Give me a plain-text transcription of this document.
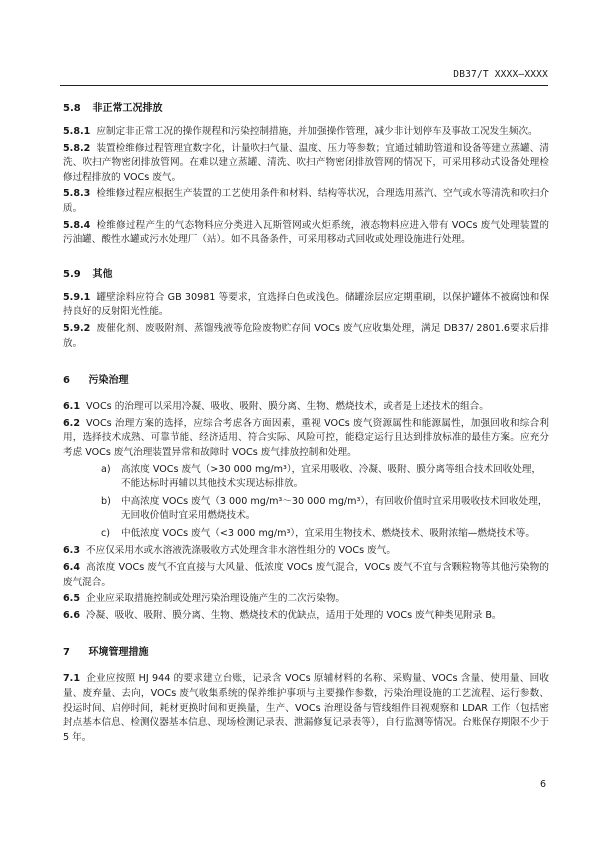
DB37/T XXXX—XXXX
5.8 非正常工况排放
5.8.1 应制定非正常工况的操作规程和污染控制措施，并加强操作管理，减少非计划停车及事故工况发生频次。
5.8.2 装置检维修过程管理宜数字化，计量吹扫气量、温度、压力等参数；宜通过辅助管道和设备等建立蒸罐、清洗、吹扫产物密闭排放管网。在难以建立蒸罐、清洗、吹扫产物密闭排放管网的情况下，可采用移动式设备处理检修过程排放的 VOCs 废气。
5.8.3 检维修过程应根据生产装置的工艺使用条件和材料、结构等状况，合理选用蒸汽、空气或水等清洗和吹扫介质。
5.8.4 检维修过程产生的气态物料应分类进入瓦斯管网或火炬系统，液态物料应进入带有 VOCs 废气处理装置的污油罐、酸性水罐或污水处理厂（站）。如不具备条件，可采用移动式回收或处理设施进行处理。
5.9 其他
5.9.1 罐壁涂料应符合 GB 30981 等要求，宜选择白色或浅色。储罐涂层应定期重刷，以保护罐体不被腐蚀和保持良好的反射阳光性能。
5.9.2 废催化剂、废吸附剂、蒸馏残液等危险废物贮存间 VOCs 废气应收集处理，满足 DB37/ 2801.6要求后排放。
6 污染治理
6.1 VOCs 的治理可以采用冷凝、吸收、吸附、膜分离、生物、燃烧技术，或者是上述技术的组合。
6.2 VOCs 治理方案的选择，应综合考虑各方面因素，重视 VOCs 废气资源属性和能源属性，加强回收和综合利用，选择技术成熟、可靠节能、经济适用、符合实际、风险可控，能稳定运行且达到排放标准的最佳方案。应充分考虑 VOCs 废气治理装置异常和故障时 VOCs 废气排放控制和处理。
a) 高浓度 VOCs 废气（>30 000 mg/m³），宜采用吸收、冷凝、吸附、膜分离等组合技术回收处理，不能达标时再辅以其他技术实现达标排放。
b) 中高浓度 VOCs 废气（3 000 mg/m³～30 000 mg/m³），有回收价值时宜采用吸收技术回收处理，无回收价值时宜采用燃烧技术。
c) 中低浓度 VOCs 废气（<3 000 mg/m³），宜采用生物技术、燃烧技术、吸附浓缩—燃烧技术等。
6.3 不应仅采用水或水溶液洗涤吸收方式处理含非水溶性组分的 VOCs 废气。
6.4 高浓度 VOCs 废气不宜直接与大风量、低浓度 VOCs 废气混合，VOCs 废气不宜与含颗粒物等其他污染物的废气混合。
6.5 企业应采取措施控制或处理污染治理设施产生的二次污染物。
6.6 冷凝、吸收、吸附、膜分离、生物、燃烧技术的优缺点，适用于处理的 VOCs 废气种类见附录 B。
7 环境管理措施
7.1 企业应按照 HJ 944 的要求建立台账，记录含 VOCs 原辅材料的名称、采购量、VOCs 含量、使用量、回收量、废弃量、去向，VOCs 废气收集系统的保养维护事项与主要操作参数，污染治理设施的工艺流程、运行参数、投运时间、启停时间，耗材更换时间和更换量，生产、VOCs 治理设备与管线组件目视观察和 LDAR 工作（包括密封点基本信息、检测仪器基本信息、现场检测记录表、泄漏修复记录表等），自行监测等情况。台账保存期限不少于 5 年。
6
